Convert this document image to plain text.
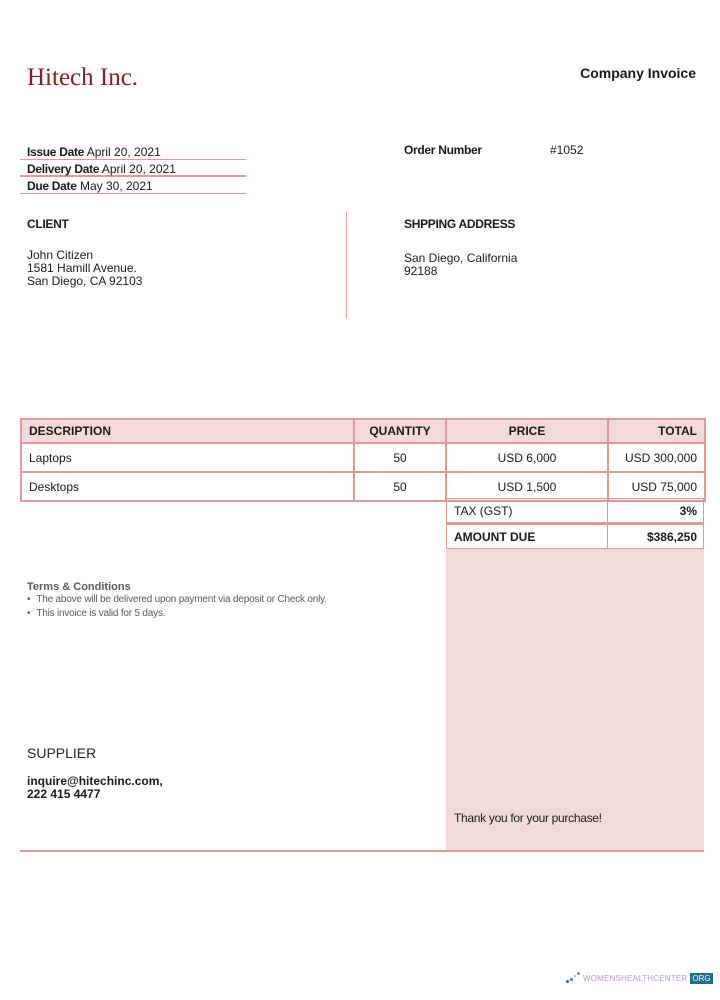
Hitech Inc.	Company Invoice
Issue Date April 20, 2021
Delivery Date April 20, 2021
Due Date May 30, 2021
Order Number	#1052
CLIENT
John Citizen
1581 Hamill Avenue.
San Diego, CA 92103
SHPPING ADDRESS
San Diego, California
92188
DESCRIPTION	QUANTITY	PRICE	TOTAL
Laptops	50	USD 6,000	USD 300,000
Desktops	50	USD 1,500	USD 75,000
TAX (GST)	3%
AMOUNT DUE	$386,250
Thank you for your purchase!
Terms & Conditions
• The above will be delivered upon payment via deposit or Check only.
• This invoice is valid for 5 days.
SUPPLIER
inquire@hitechinc.com,
222 415 4477
WOMENSHEALTHCENTER ORG
